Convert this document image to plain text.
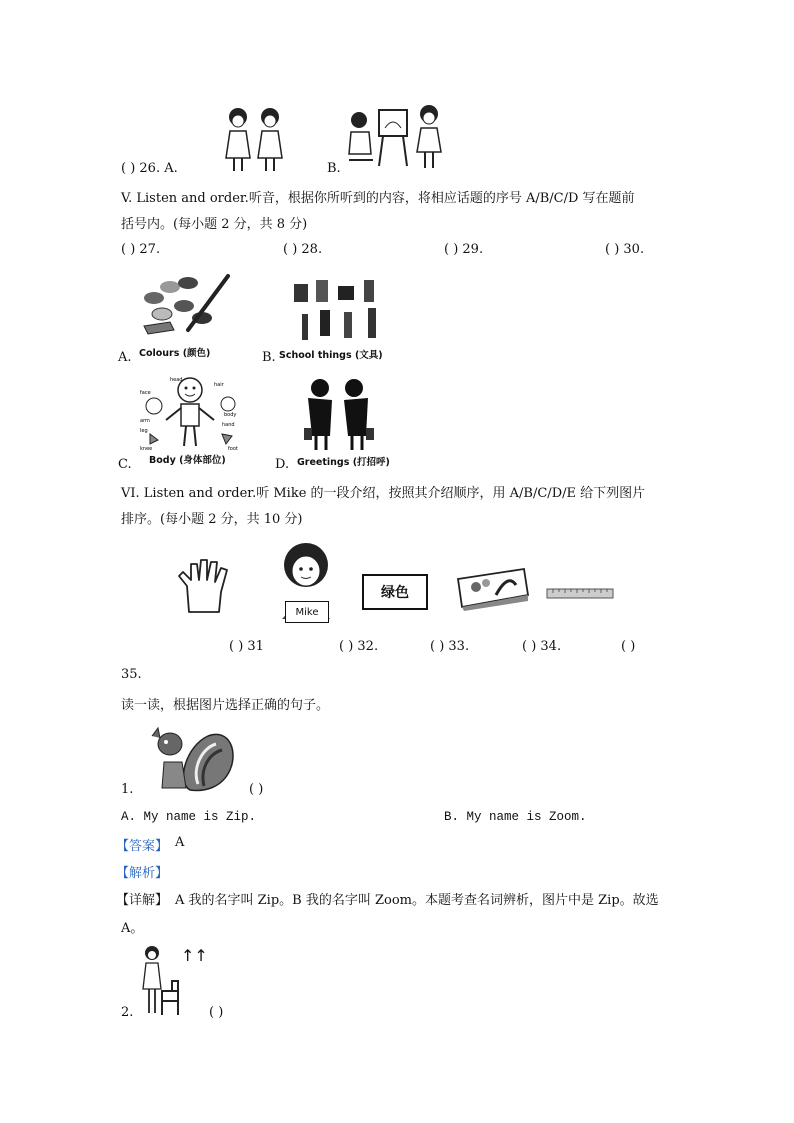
( ) 26. A.	B.
V. Listen and order.听音，根据你所听到的内容，将相应话题的序号 A/B/C/D 写在题前
括号内。(每小题 2 分，共 8 分)
( ) 27.	( ) 28.	( ) 29.	( ) 30.
A. Colours (颜色)	B. School things (文具)
hair
head
face
arm
body
hand
leg
foot
knee
C. Body (身体部位)	D. Greetings (打招呼)
VI. Listen and order.听 Mike 的一段介绍，按照其介绍顺序，用 A/B/C/D/E 给下列图片
排序。(每小题 2 分，共 10 分)
Mike
绿色
( ) 31	( ) 32.	( ) 33.	( ) 34.	( )
35.
读一读，根据图片选择正确的句子。
1.	( )
A. My name is Zip.	B. My name is Zoom.
【答案】 A
【解析】
【详解】 A 我的名字叫 Zip。B 我的名字叫 Zoom。本题考查名词辨析，图片中是 Zip。故选
A。
↑↑
2.	( )
